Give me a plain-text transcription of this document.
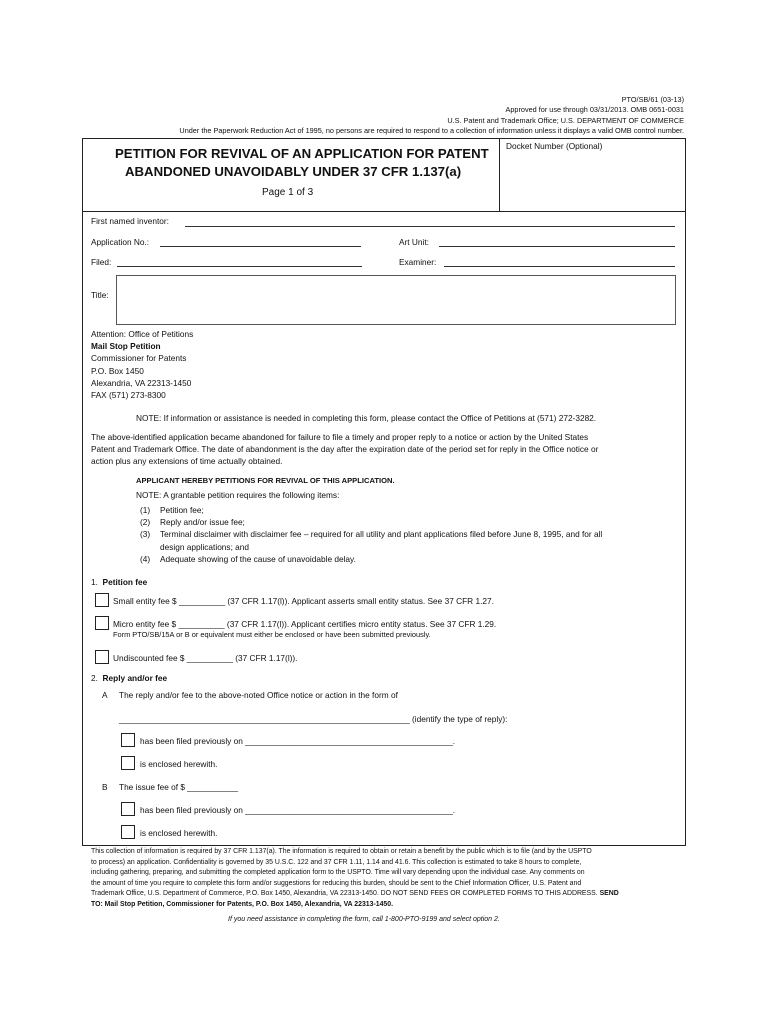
PTO/SB/61 (03-13)
Approved for use through 03/31/2013. OMB 0651-0031
U.S. Patent and Trademark Office; U.S. DEPARTMENT OF COMMERCE
Under the Paperwork Reduction Act of 1995, no persons are required to respond to a collection of information unless it displays a valid OMB control number.
PETITION FOR REVIVAL OF AN APPLICATION FOR PATENT
ABANDONED UNAVOIDABLY UNDER 37 CFR 1.137(a)
Page 1 of 3
Docket Number (Optional)
First named inventor:
Application No.:	Art Unit:
Filed:	Examiner:
Title:
Attention: Office of Petitions
Mail Stop Petition
Commissioner for Patents
P.O. Box 1450
Alexandria, VA 22313-1450
FAX (571) 273-8300
NOTE: If information or assistance is needed in completing this form, please contact the Office of Petitions at (571) 272-3282.
The above-identified application became abandoned for failure to file a timely and proper reply to a notice or action by the United States
Patent and Trademark Office. The date of abandonment is the day after the expiration date of the period set for reply in the Office notice or
action plus any extensions of time actually obtained.
APPLICANT HEREBY PETITIONS FOR REVIVAL OF THIS APPLICATION.
NOTE: A grantable petition requires the following items:
(1) Petition fee;
(2) Reply and/or issue fee;
(3) Terminal disclaimer with disclaimer fee – required for all utility and plant applications filed before June 8, 1995, and for all
design applications; and
(4) Adequate showing of the cause of unavoidable delay.
1. Petition fee
Small entity fee $ __________ (37 CFR 1.17(l)). Applicant asserts small entity status. See 37 CFR 1.27.
Micro entity fee $ __________ (37 CFR 1.17(l)). Applicant certifies micro entity status. See 37 CFR 1.29.
Form PTO/SB/15A or B or equivalent must either be enclosed or have been submitted previously.
Undiscounted fee $ __________ (37 CFR 1.17(l)).
2. Reply and/or fee
A The reply and/or fee to the above-noted Office notice or action in the form of
_______________________________________________________________ (identify the type of reply):
has been filed previously on _____________________________________________.
is enclosed herewith.
B The issue fee of $ ___________
has been filed previously on _____________________________________________.
is enclosed herewith.
This collection of information is required by 37 CFR 1.137(a). The information is required to obtain or retain a benefit by the public which is to file (and by the USPTO
to process) an application. Confidentiality is governed by 35 U.S.C. 122 and 37 CFR 1.11, 1.14 and 41.6. This collection is estimated to take 8 hours to complete,
including gathering, preparing, and submitting the completed application form to the USPTO. Time will vary depending upon the individual case. Any comments on
the amount of time you require to complete this form and/or suggestions for reducing this burden, should be sent to the Chief Information Officer, U.S. Patent and
Trademark Office, U.S. Department of Commerce, P.O. Box 1450, Alexandria, VA 22313-1450. DO NOT SEND FEES OR COMPLETED FORMS TO THIS ADDRESS. SEND
TO: Mail Stop Petition, Commissioner for Patents, P.O. Box 1450, Alexandria, VA 22313-1450.
If you need assistance in completing the form, call 1-800-PTO-9199 and select option 2.
